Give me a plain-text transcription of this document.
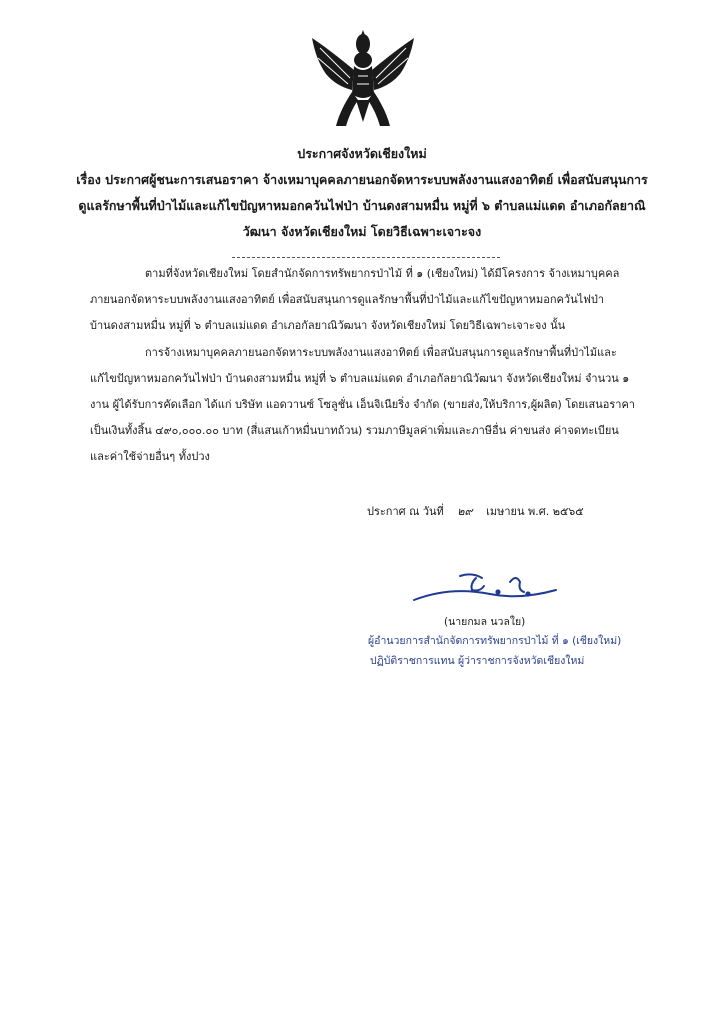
ประกาศจังหวัดเชียงใหม่
เรื่อง ประกาศผู้ชนะการเสนอราคา จ้างเหมาบุคคลภายนอกจัดหาระบบพลังงานแสงอาทิตย์ เพื่อสนับสนุนการ
ดูแลรักษาพื้นที่ป่าไม้และแก้ไขปัญหาหมอกควันไฟป่า บ้านดงสามหมื่น หมู่ที่ ๖ ตำบลแม่แดด อำเภอกัลยาณิ
วัฒนา จังหวัดเชียงใหม่ โดยวิธีเฉพาะเจาะจง
ตามที่จังหวัดเชียงใหม่ โดยสำนักจัดการทรัพยากรป่าไม้ ที่ ๑ (เชียงใหม่) ได้มีโครงการ จ้างเหมาบุคคล
ภายนอกจัดหาระบบพลังงานแสงอาทิตย์ เพื่อสนับสนุนการดูแลรักษาพื้นที่ป่าไม้และแก้ไขปัญหาหมอกควันไฟป่า
บ้านดงสามหมื่น หมู่ที่ ๖ ตำบลแม่แดด อำเภอกัลยาณิวัฒนา จังหวัดเชียงใหม่ โดยวิธีเฉพาะเจาะจง นั้น
การจ้างเหมาบุคคลภายนอกจัดหาระบบพลังงานแสงอาทิตย์ เพื่อสนับสนุนการดูแลรักษาพื้นที่ป่าไม้และ
แก้ไขปัญหาหมอกควันไฟป่า บ้านดงสามหมื่น หมู่ที่ ๖ ตำบลแม่แดด อำเภอกัลยาณิวัฒนา จังหวัดเชียงใหม่ จำนวน ๑
งาน ผู้ได้รับการคัดเลือก ได้แก่ บริษัท แอดวานซ์ โซลูชั่น เอ็นจิเนียริ่ง จำกัด (ขายส่ง,ให้บริการ,ผู้ผลิต) โดยเสนอราคา
เป็นเงินทั้งสิ้น ๔๙๐,๐๐๐.๐๐ บาท (สี่แสนเก้าหมื่นบาทถ้วน) รวมภาษีมูลค่าเพิ่มและภาษีอื่น ค่าขนส่ง ค่าจดทะเบียน
และค่าใช้จ่ายอื่นๆ ทั้งปวง
ประกาศ ณ วันที่ ๒๙ เมษายน พ.ศ. ๒๕๖๕
(นายกมล นวลใย)
ผู้อำนวยการสำนักจัดการทรัพยากรป่าไม้ ที่ ๑ (เชียงใหม่)
ปฏิบัติราชการแทน ผู้ว่าราชการจังหวัดเชียงใหม่
